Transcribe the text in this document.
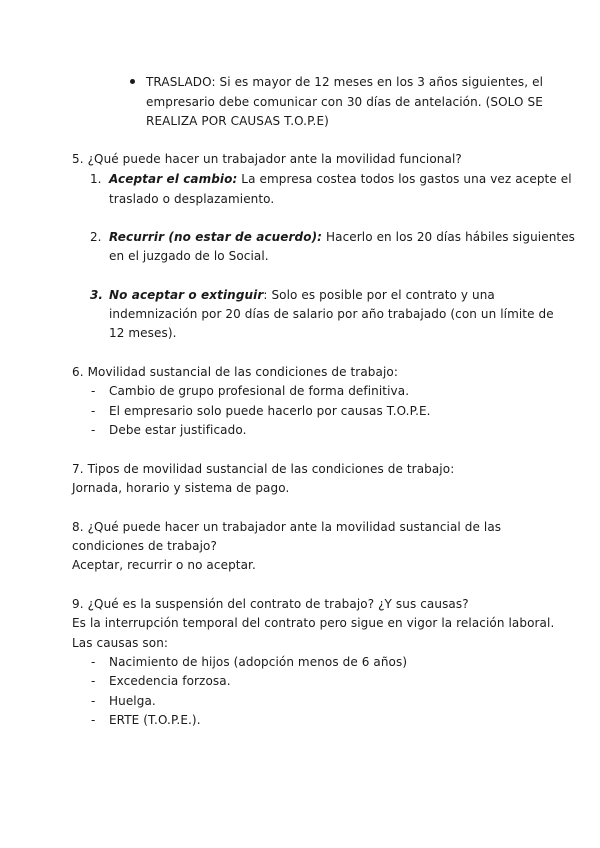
TRASLADO: Si es mayor de 12 meses en los 3 años siguientes, el
empresario debe comunicar con 30 días de antelación. (SOLO SE
REALIZA POR CAUSAS T.O.P.E)
5. ¿Qué puede hacer un trabajador ante la movilidad funcional?
1. Aceptar el cambio: La empresa costea todos los gastos una vez acepte el
traslado o desplazamiento.
2. Recurrir (no estar de acuerdo): Hacerlo en los 20 días hábiles siguientes
en el juzgado de lo Social.
3. No aceptar o extinguir: Solo es posible por el contrato y una
indemnización por 20 días de salario por año trabajado (con un límite de
12 meses).
6. Movilidad sustancial de las condiciones de trabajo:
- Cambio de grupo profesional de forma definitiva.
- El empresario solo puede hacerlo por causas T.O.P.E.
- Debe estar justificado.
7. Tipos de movilidad sustancial de las condiciones de trabajo:
Jornada, horario y sistema de pago.
8. ¿Qué puede hacer un trabajador ante la movilidad sustancial de las
condiciones de trabajo?
Aceptar, recurrir o no aceptar.
9. ¿Qué es la suspensión del contrato de trabajo? ¿Y sus causas?
Es la interrupción temporal del contrato pero sigue en vigor la relación laboral.
Las causas son:
- Nacimiento de hijos (adopción menos de 6 años)
- Excedencia forzosa.
- Huelga.
- ERTE (T.O.P.E.).
